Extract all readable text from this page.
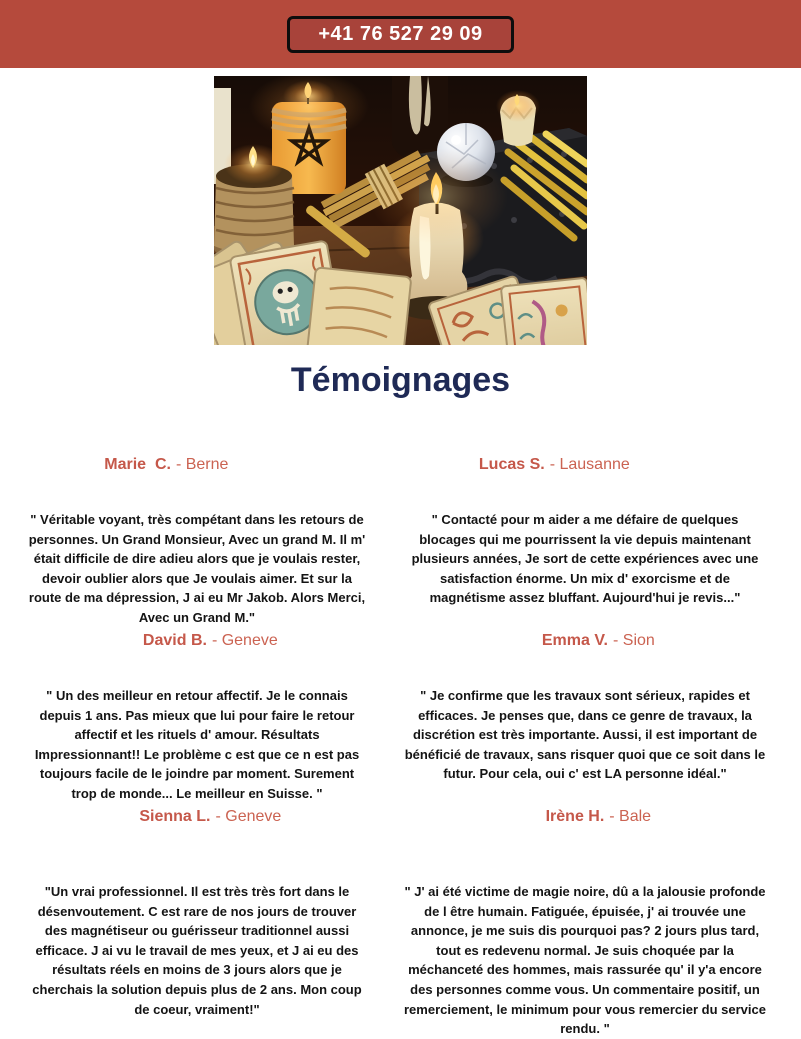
+41 76 527 29 09
Témoignages

Marie  C. - Berne

" Véritable voyant, très compétant dans les retours de personnes. Un Grand Monsieur, Avec un grand M. Il m' était difficile de dire adieu alors que je voulais rester, devoir oublier alors que Je voulais aimer. Et sur la route de ma dépression, J ai eu Mr Jakob. Alors Merci, Avec un Grand M."

Lucas S. - Lausanne

" Contacté pour m aider a me défaire de quelques blocages qui me pourrissent la vie depuis maintenant plusieurs années, Je sort de cette expériences avec une satisfaction énorme. Un mix d' exorcisme et de magnétisme assez bluffant. Aujourd'hui je revis..."

David B. - Geneve

" Un des meilleur en retour affectif. Je le connais depuis 1 ans. Pas mieux que lui pour faire le retour affectif et les rituels d' amour. Résultats Impressionnant!! Le problème c est que ce n est pas toujours facile de le joindre par moment. Surement trop de monde... Le meilleur en Suisse. "

Emma V. - Sion

" Je confirme que les travaux sont sérieux, rapides et efficaces. Je penses que, dans ce genre de travaux, la discrétion est très importante. Aussi, il est important de bénéficié de travaux, sans risquer quoi que ce soit dans le futur. Pour cela, oui c' est LA personne idéal."

Sienna L. - Geneve

"Un vrai professionnel. Il est très très fort dans le désenvoutement. C est rare de nos jours de trouver des magnétiseur ou guérisseur traditionnel aussi efficace. J ai vu le travail de mes yeux, et J ai eu des résultats réels en moins de 3 jours alors que je cherchais la solution depuis plus de 2 ans. Mon coup de coeur, vraiment!"

Irène H. - Bale

" J' ai été victime de magie noire, dû a la jalousie profonde de l être humain. Fatiguée, épuisée, j' ai trouvée une annonce, je me suis dis pourquoi pas? 2 jours plus tard, tout es redevenu normal. Je suis choquée par la méchanceté des hommes, mais rassurée qu' il y'a encore des personnes comme vous. Un commentaire positif, un remerciement, le minimum pour vous remercier du service rendu. "
